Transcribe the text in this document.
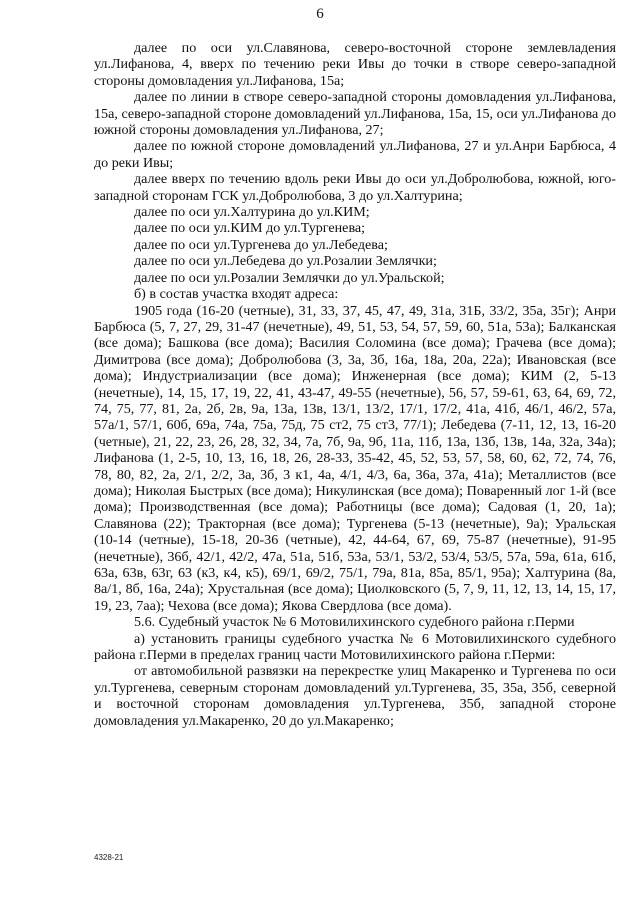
6

далее по оси ул.Славянова, северо-восточной стороне землевладения ул.Лифанова, 4, вверх по течению реки Ивы до точки в створе северо-западной стороны домовладения ул.Лифанова, 15а;

далее по линии в створе северо-западной стороны домовладения ул.Лифанова, 15а, северо-западной стороне домовладений ул.Лифанова, 15а, 15, оси ул.Лифанова до южной стороны домовладения ул.Лифанова, 27;

далее по южной стороне домовладений ул.Лифанова, 27 и ул.Анри Барбюса, 4 до реки Ивы;

далее вверх по течению вдоль реки Ивы до оси ул.Добролюбова, южной, юго-западной сторонам ГСК ул.Добролюбова, 3 до ул.Халтурина;

далее по оси ул.Халтурина до ул.КИМ;

далее по оси ул.КИМ до ул.Тургенева;

далее по оси ул.Тургенева до ул.Лебедева;

далее по оси ул.Лебедева до ул.Розалии Землячки;

далее по оси ул.Розалии Землячки до ул.Уральской;

б) в состав участка входят адреса:

1905 года (16-20 (четные), 31, 33, 37, 45, 47, 49, 31а, 31Б, 33/2, 35а, 35г); Анри Барбюса (5, 7, 27, 29, 31-47 (нечетные), 49, 51, 53, 54, 57, 59, 60, 51а, 53а); Балканская (все дома); Башкова (все дома); Василия Соломина (все дома); Грачева (все дома); Димитрова (все дома); Добролюбова (3, 3а, 3б, 16а, 18а, 20а, 22а); Ивановская (все дома); Индустриализации (все дома); Инженерная (все дома); КИМ (2, 5-13 (нечетные), 14, 15, 17, 19, 22, 41, 43-47, 49-55 (нечетные), 56, 57, 59-61, 63, 64, 69, 72, 74, 75, 77, 81, 2а, 2б, 2в, 9а, 13а, 13в, 13/1, 13/2, 17/1, 17/2, 41а, 41б, 46/1, 46/2, 57а, 57а/1, 57/1, 60б, 69а, 74а, 75а, 75д, 75 ст2, 75 ст3, 77/1); Лебедева (7-11, 12, 13, 16-20 (четные), 21, 22, 23, 26, 28, 32, 34, 7а, 7б, 9а, 9б, 11а, 11б, 13а, 13б, 13в, 14а, 32а, 34а); Лифанова (1, 2-5, 10, 13, 16, 18, 26, 28-33, 35-42, 45, 52, 53, 57, 58, 60, 62, 72, 74, 76, 78, 80, 82, 2а, 2/1, 2/2, 3а, 3б, 3 к1, 4а, 4/1, 4/3, 6а, 36а, 37а, 41а); Металлистов (все дома); Николая Быстрых (все дома); Никулинская (все дома); Поваренный лог 1-й (все дома); Производственная (все дома); Работницы (все дома); Садовая (1, 20, 1а); Славянова (22); Тракторная (все дома); Тургенева (5-13 (нечетные), 9а); Уральская (10-14 (четные), 15-18, 20-36 (четные), 42, 44-64, 67, 69, 75-87 (нечетные), 91-95 (нечетные), 36б, 42/1, 42/2, 47а, 51а, 51б, 53а, 53/1, 53/2, 53/4, 53/5, 57а, 59а, 61а, 61б, 63а, 63в, 63г, 63 (к3, к4, к5), 69/1, 69/2, 75/1, 79а, 81а, 85а, 85/1, 95а); Халтурина (8а, 8а/1, 8б, 16а, 24а); Хрустальная (все дома); Циолковского (5, 7, 9, 11, 12, 13, 14, 15, 17, 19, 23, 7аа); Чехова (все дома); Якова Свердлова (все дома).

5.6. Судебный участок № 6 Мотовилихинского судебного района г.Перми

а) установить границы судебного участка № 6 Мотовилихинского судебного района г.Перми в пределах границ части Мотовилихинского района г.Перми:

от автомобильной развязки на перекрестке улиц Макаренко и Тургенева по оси ул.Тургенева, северным сторонам домовладений ул.Тургенева, 35, 35а, 35б, северной и восточной сторонам домовладения ул.Тургенева, 35б, западной стороне домовладения ул.Макаренко, 20 до ул.Макаренко;

4328-21
